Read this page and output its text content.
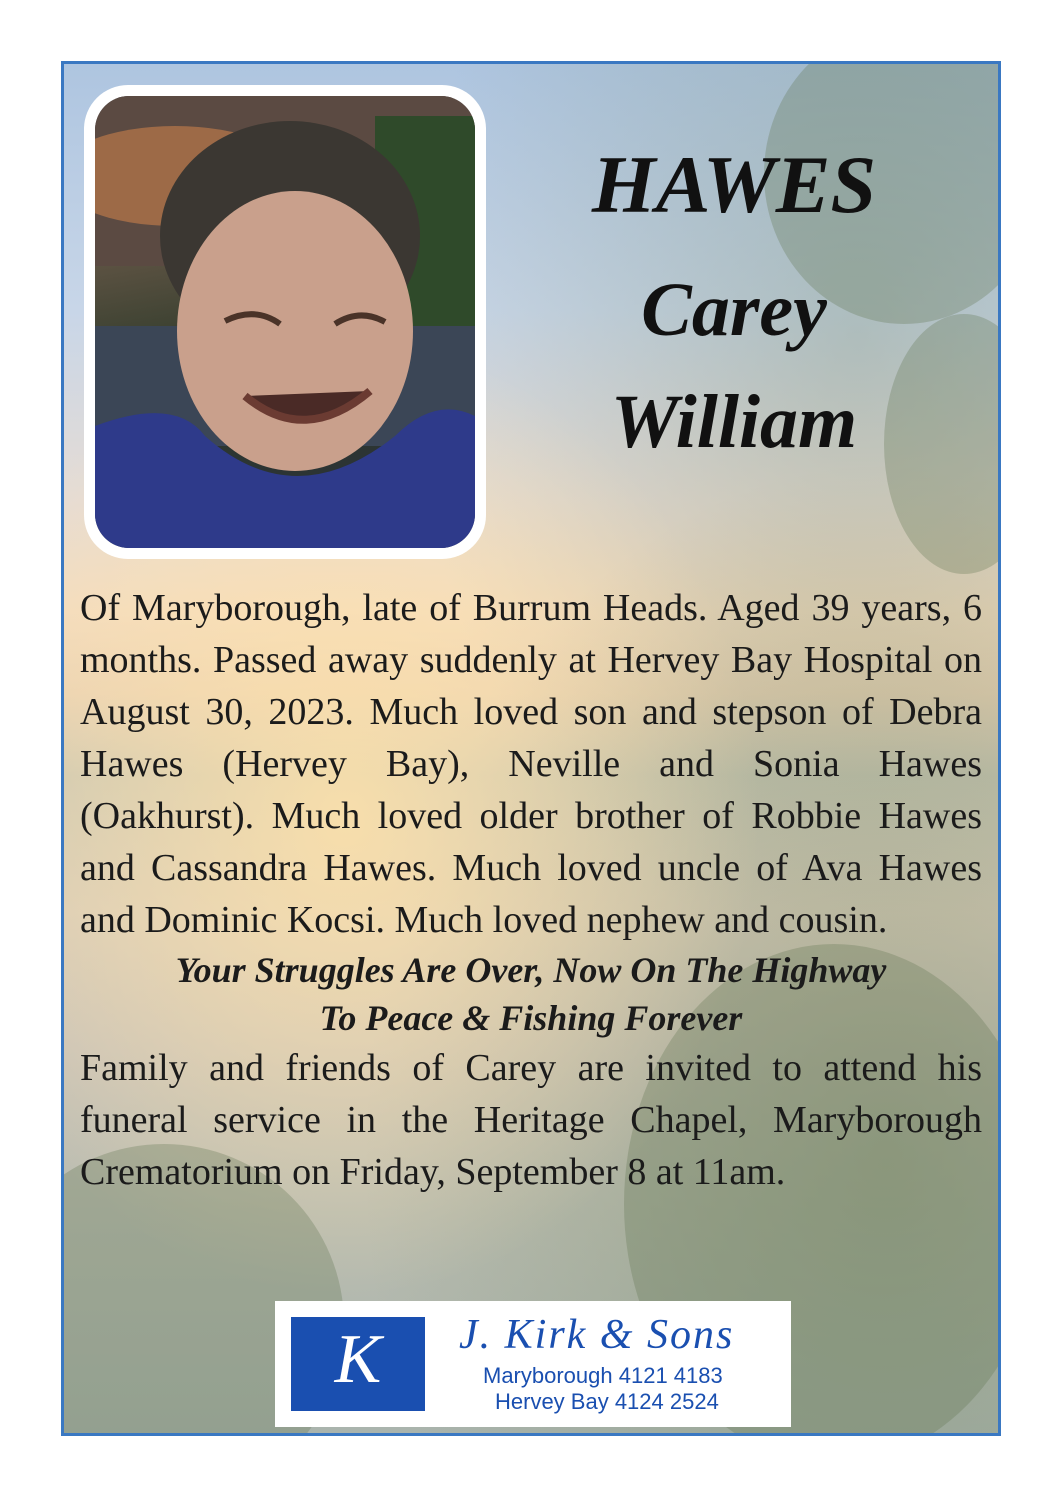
HAWES
Carey
William

Of Maryborough, late of Burrum Heads. Aged 39 years, 6 months. Passed away suddenly at Hervey Bay Hospital on August 30, 2023. Much loved son and stepson of Debra Hawes (Hervey Bay), Neville and Sonia Hawes (Oakhurst). Much loved older brother of Robbie Hawes and Cassandra Hawes. Much loved uncle of Ava Hawes and Dominic Kocsi. Much loved nephew and cousin.

Your Struggles Are Over, Now On The Highway
To Peace & Fishing Forever

Family and friends of Carey are invited to attend his funeral service in the Heritage Chapel, Maryborough Crematorium on Friday, September 8 at 11am.

K	J. Kirk & Sons
Maryborough 4121 4183
Hervey Bay 4124 2524
